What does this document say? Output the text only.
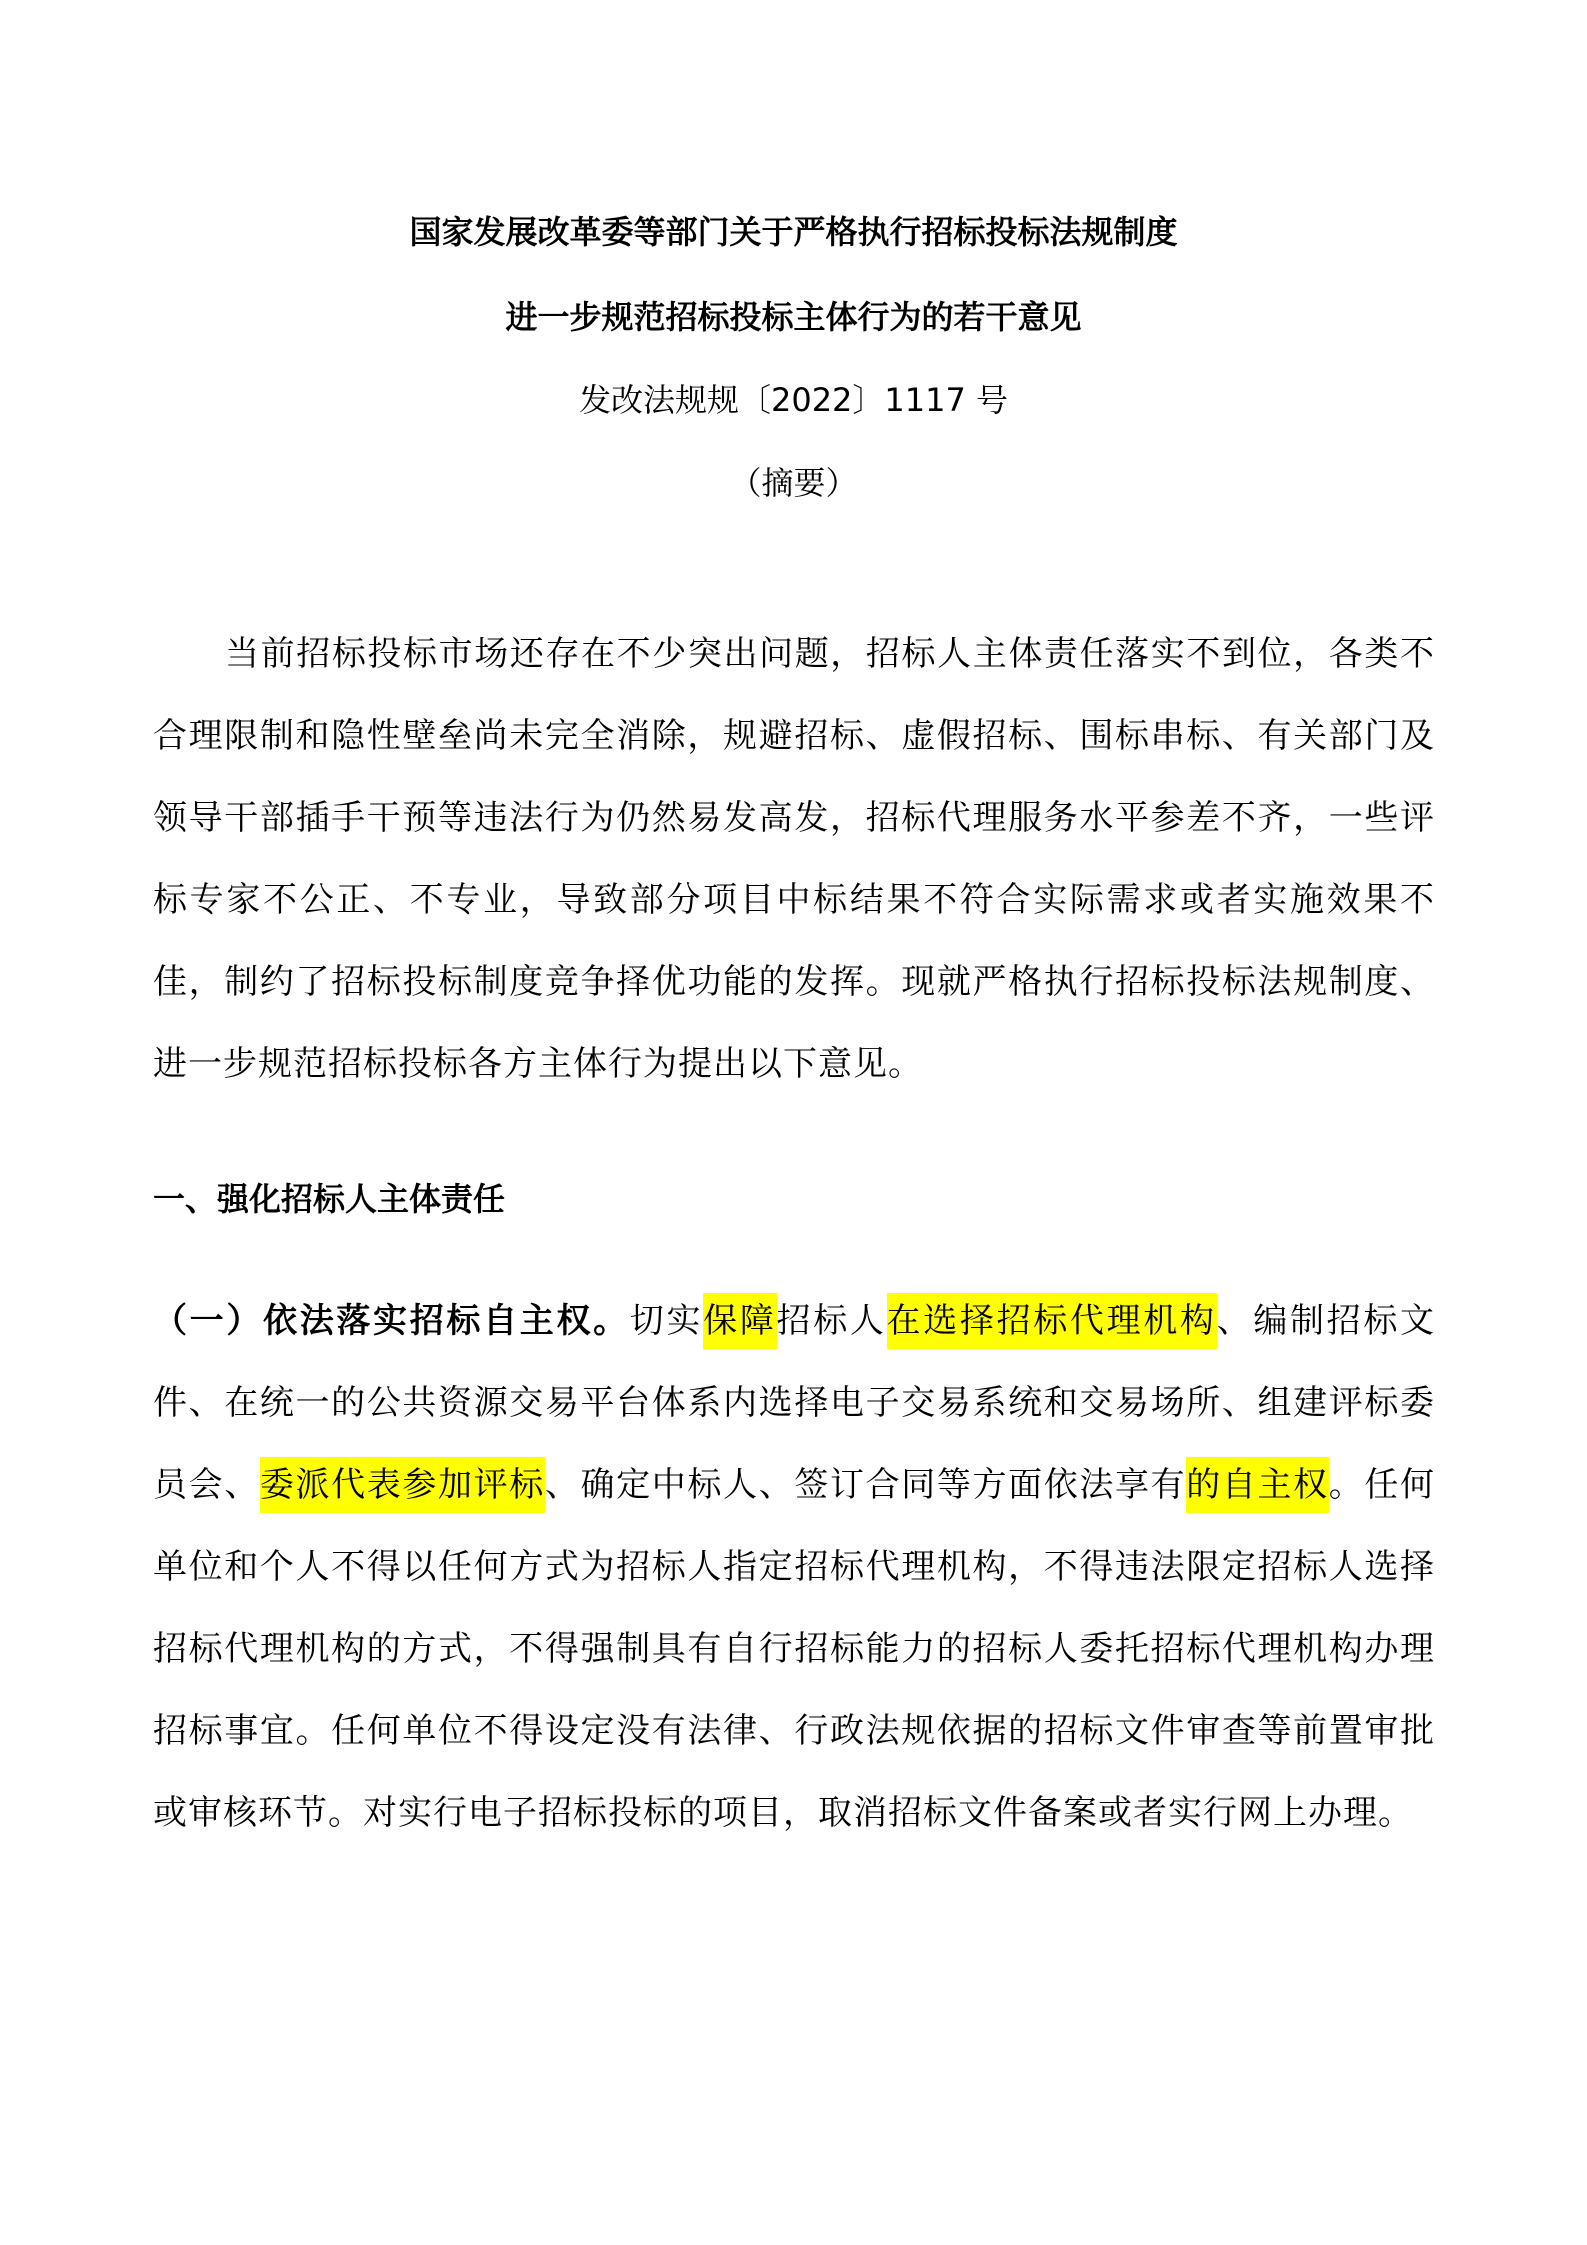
国家发展改革委等部门关于严格执行招标投标法规制度
进一步规范招标投标主体行为的若干意见
发改法规规〔2022〕1117 号
（摘要）
当前招标投标市场还存在不少突出问题，招标人主体责任落实不到位，各类不合理限制和隐性壁垒尚未完全消除，规避招标、虚假招标、围标串标、有关部门及领导干部插手干预等违法行为仍然易发高发，招标代理服务水平参差不齐，一些评标专家不公正、不专业，导致部分项目中标结果不符合实际需求或者实施效果不佳，制约了招标投标制度竞争择优功能的发挥。现就严格执行招标投标法规制度、进一步规范招标投标各方主体行为提出以下意见。
一、强化招标人主体责任
（一）依法落实招标自主权。切实保障招标人在选择招标代理机构、编制招标文件、在统一的公共资源交易平台体系内选择电子交易系统和交易场所、组建评标委员会、委派代表参加评标、确定中标人、签订合同等方面依法享有的自主权。任何单位和个人不得以任何方式为招标人指定招标代理机构，不得违法限定招标人选择招标代理机构的方式，不得强制具有自行招标能力的招标人委托招标代理机构办理招标事宜。任何单位不得设定没有法律、行政法规依据的招标文件审查等前置审批或审核环节。对实行电子招标投标的项目，取消招标文件备案或者实行网上办理。
